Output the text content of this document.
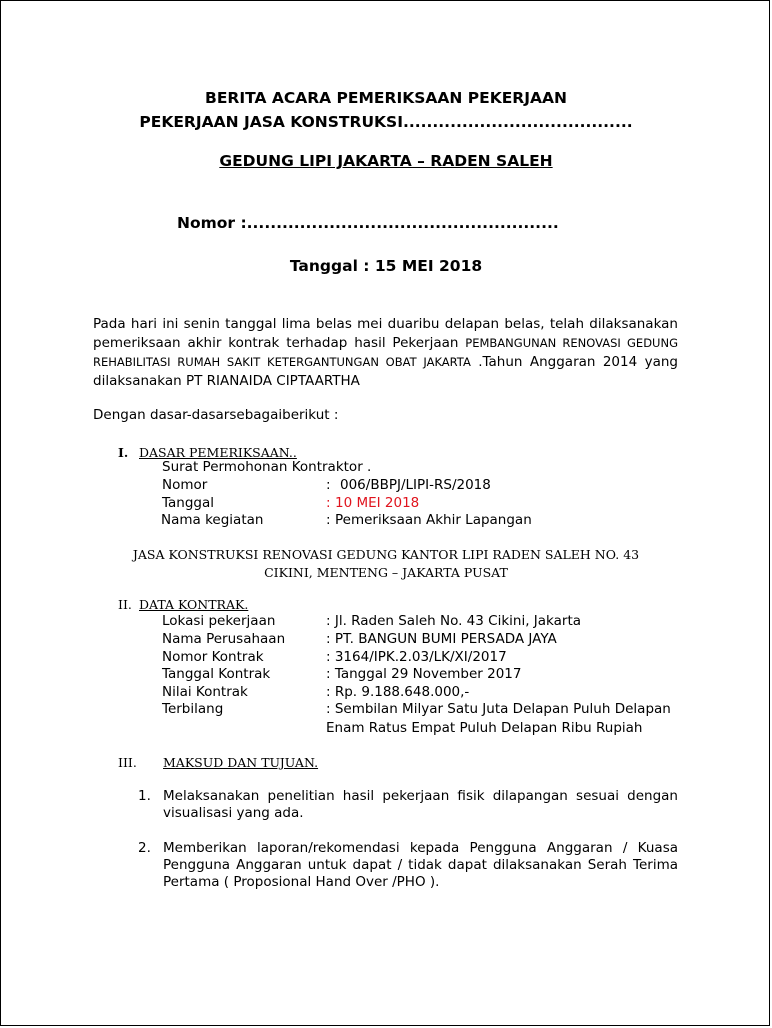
BERITA ACARA PEMERIKSAAN PEKERJAAN
PEKERJAAN JASA KONSTRUKSI.......................................
GEDUNG LIPI JAKARTA – RADEN SALEH
Nomor :.....................................................
Tanggal : 15 MEI 2018
Pada hari ini senin tanggal lima belas mei duaribu delapan belas, telah dilaksanakan pemeriksaan akhir kontrak terhadap hasil Pekerjaan PEMBANGUNAN RENOVASI GEDUNG REHABILITASI RUMAH SAKIT KETERGANTUNGAN OBAT JAKARTA .Tahun Anggaran 2014 yang dilaksanakan PT RIANAIDA CIPTAARTHA
Dengan dasar-dasarsebagaiberikut :
I. DASAR PEMERIKSAAN..
Surat Permohonan Kontraktor .
Nomor	: 006/BBPJ/LIPI-RS/2018
Tanggal	: 10 MEI 2018
Nama kegiatan	: Pemeriksaan Akhir Lapangan
JASA KONSTRUKSI RENOVASI GEDUNG KANTOR LIPI RADEN SALEH NO. 43
CIKINI, MENTENG – JAKARTA PUSAT
II. DATA KONTRAK.
Lokasi pekerjaan	: Jl. Raden Saleh No. 43 Cikini, Jakarta
Nama Perusahaan	: PT. BANGUN BUMI PERSADA JAYA
Nomor Kontrak	: 3164/IPK.2.03/LK/XI/2017
Tanggal Kontrak	: Tanggal 29 November 2017
Nilai Kontrak	: Rp. 9.188.648.000,-
Terbilang	: Sembilan Milyar Satu Juta Delapan Puluh Delapan
Enam Ratus Empat Puluh Delapan Ribu Rupiah
III. MAKSUD DAN TUJUAN.
1. Melaksanakan penelitian hasil pekerjaan fisik dilapangan sesuai dengan visualisasi yang ada.
2. Memberikan laporan/rekomendasi kepada Pengguna Anggaran / Kuasa Pengguna Anggaran untuk dapat / tidak dapat dilaksanakan Serah Terima Pertama ( Proposional Hand Over /PHO ).
